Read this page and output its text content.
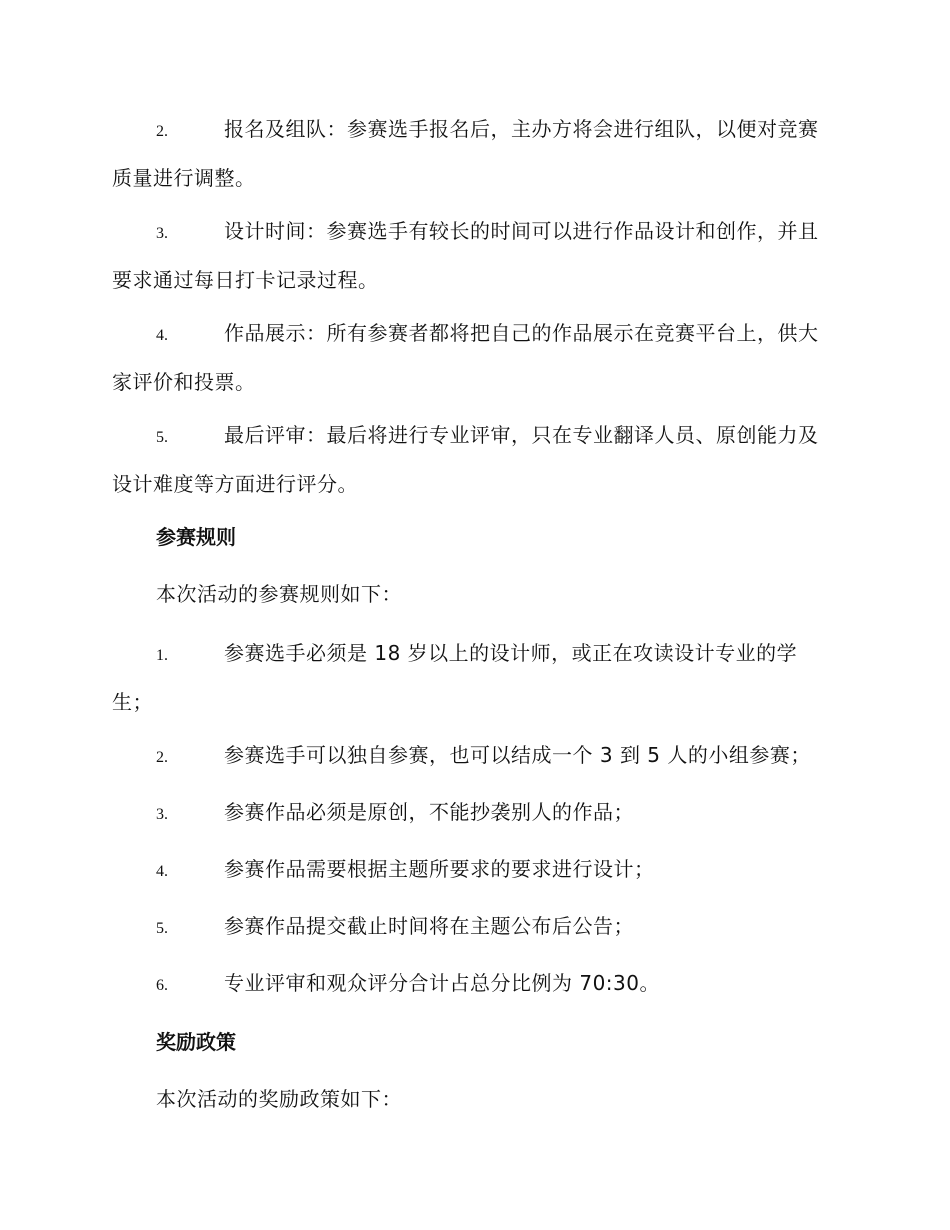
2.	报名及组队：参赛选手报名后，主办方将会进行组队，以便对竞赛质量进行调整。

3.	设计时间：参赛选手有较长的时间可以进行作品设计和创作，并且要求通过每日打卡记录过程。

4.	作品展示：所有参赛者都将把自己的作品展示在竞赛平台上，供大家评价和投票。

5.	最后评审：最后将进行专业评审，只在专业翻译人员、原创能力及设计难度等方面进行评分。

参赛规则

本次活动的参赛规则如下：

1.	参赛选手必须是 18 岁以上的设计师，或正在攻读设计专业的学生；

2.	参赛选手可以独自参赛，也可以结成一个 3 到 5 人的小组参赛；

3.	参赛作品必须是原创，不能抄袭别人的作品；

4.	参赛作品需要根据主题所要求的要求进行设计；

5.	参赛作品提交截止时间将在主题公布后公告；

6.	专业评审和观众评分合计占总分比例为 70:30。

奖励政策

本次活动的奖励政策如下：
